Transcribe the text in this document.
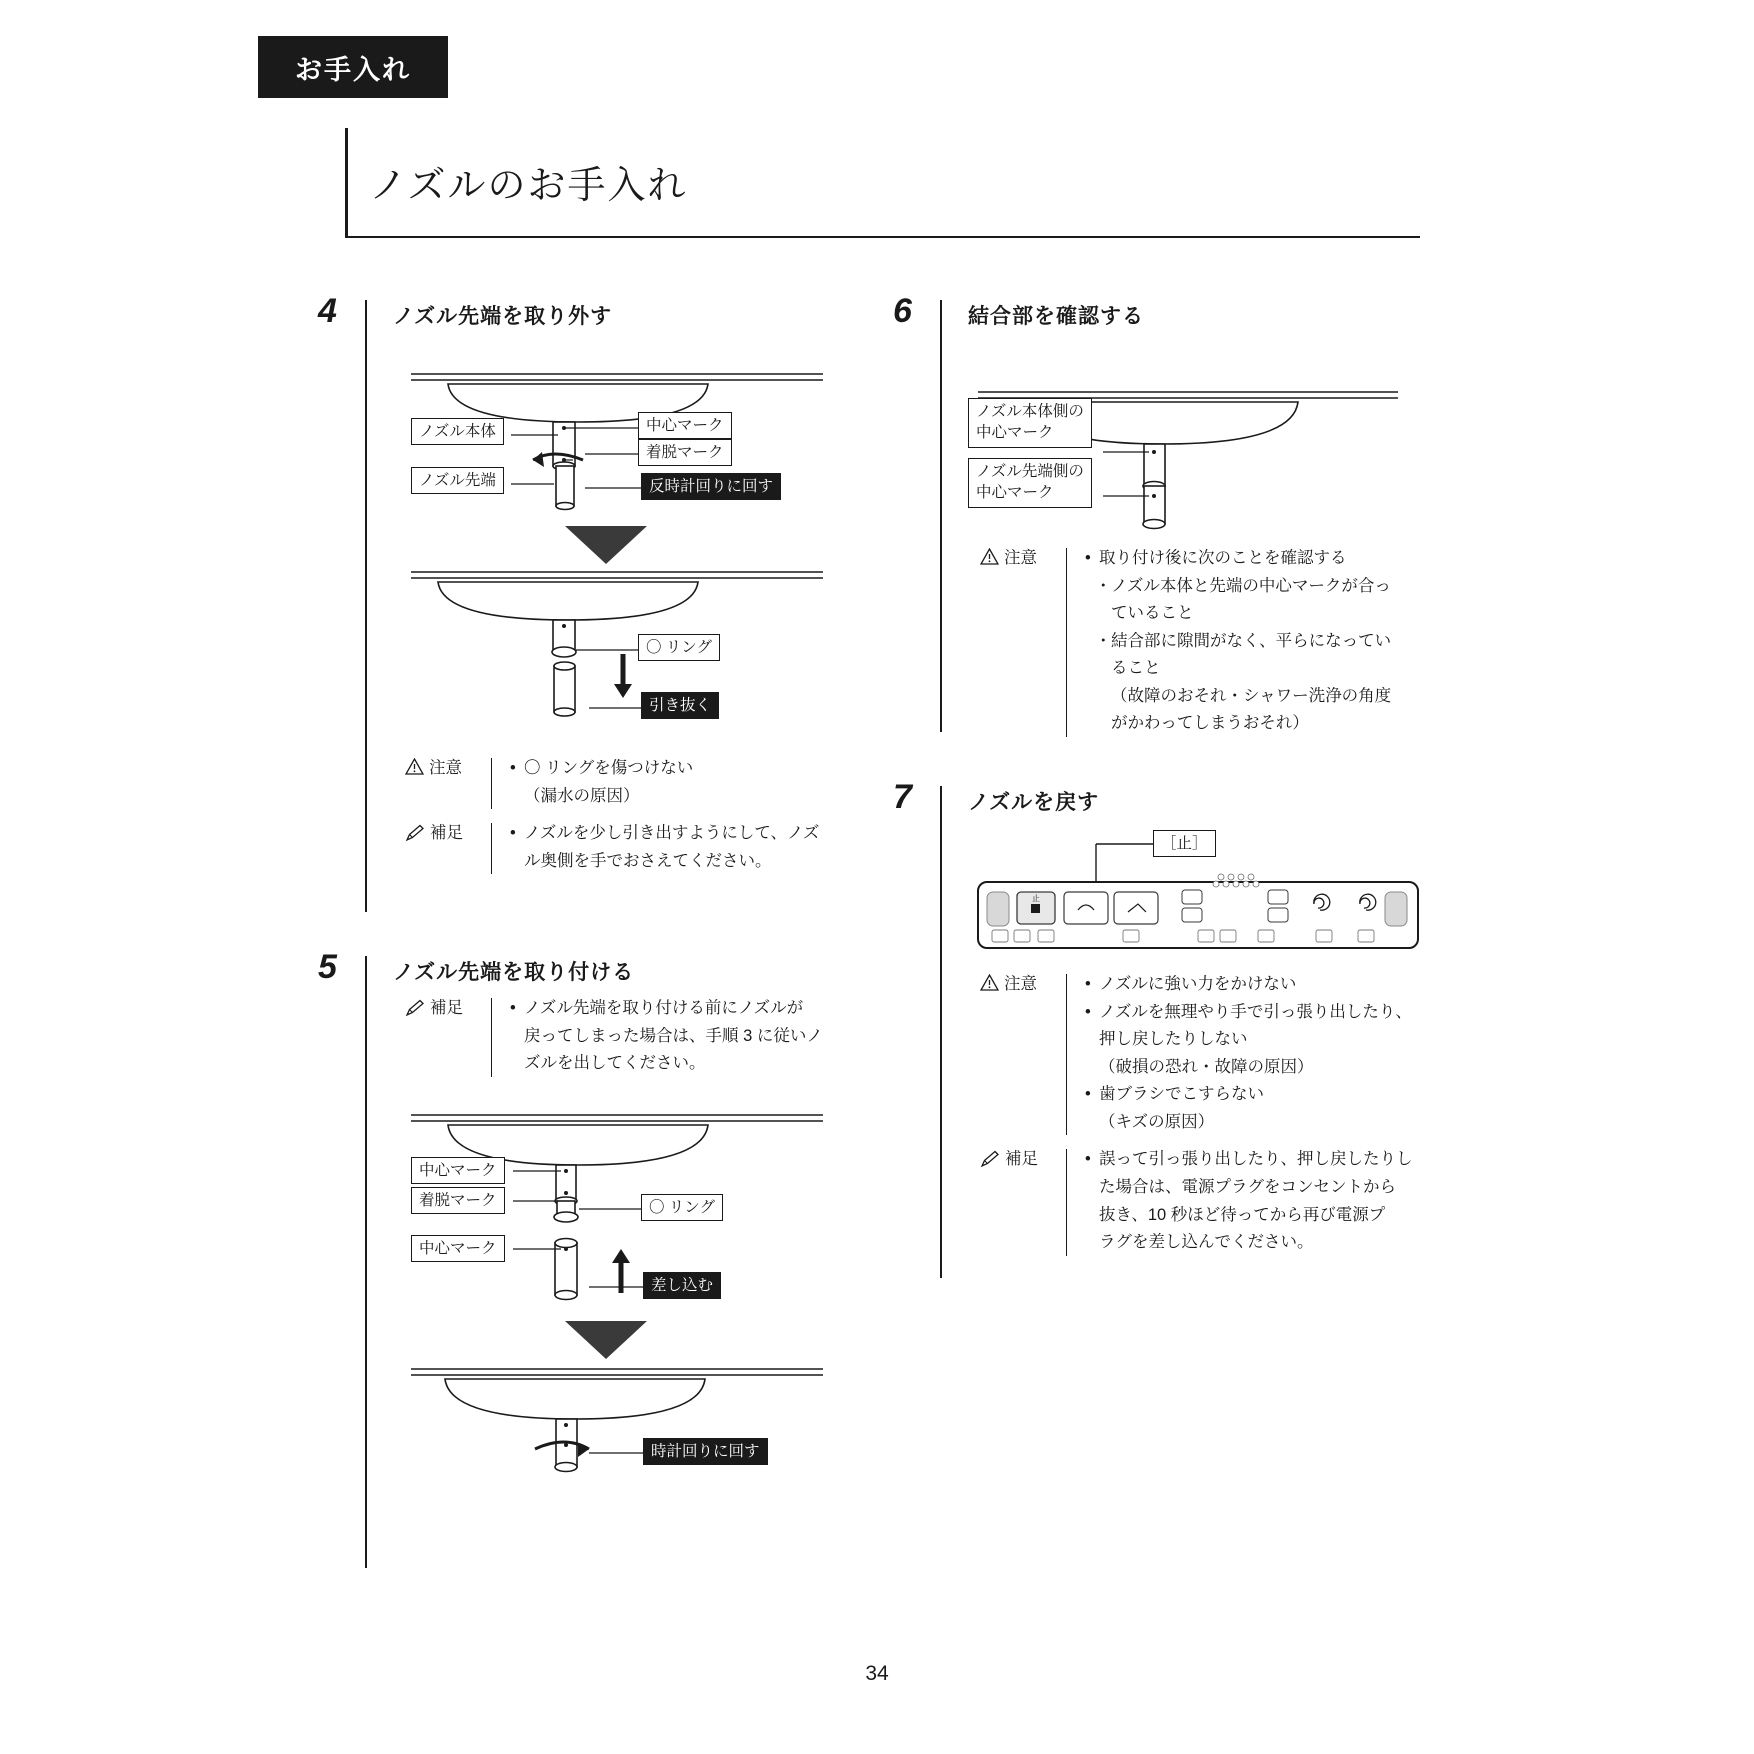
お手入れ
ノズルのお手入れ
4	ノズル先端を取り外す
ノズル本体
ノズル先端
中心マーク
着脱マーク
反時計回りに回す
〇 リング
引き抜く
注意	• 〇 リングを傷つけない

（漏水の原因）

補足	• ノズルを少し引き出すようにして、ノズ

ル奥側を手でおさえてください。

5	ノズル先端を取り付ける
補足	• ノズル先端を取り付ける前にノズルが

戻ってしまった場合は、手順 3 に従いノ

ズルを出してください。

中心マーク
着脱マーク
中心マーク
〇 リング
差し込む
時計回りに回す
6	結合部を確認する
ノズル本体側の
中心マーク
ノズル先端側の
中心マーク
注意	• 取り付け後に次のことを確認する

・ ノズル本体と先端の中心マークが合っ

ていること

・ 結合部に隙間がなく、平らになってい

ること

（故障のおそれ・シャワー洗浄の角度

がかわってしまうおそれ）

7	ノズルを戻す
止
［止］
注意	• ノズルに強い力をかけない

• ノズルを無理やり手で引っ張り出したり、

押し戻したりしない

（破損の恐れ・故障の原因）

• 歯ブラシでこすらない

（キズの原因）

補足	• 誤って引っ張り出したり、押し戻したりし

た場合は、電源プラグをコンセントから

抜き、10 秒ほど待ってから再び電源プ

ラグを差し込んでください。

34
